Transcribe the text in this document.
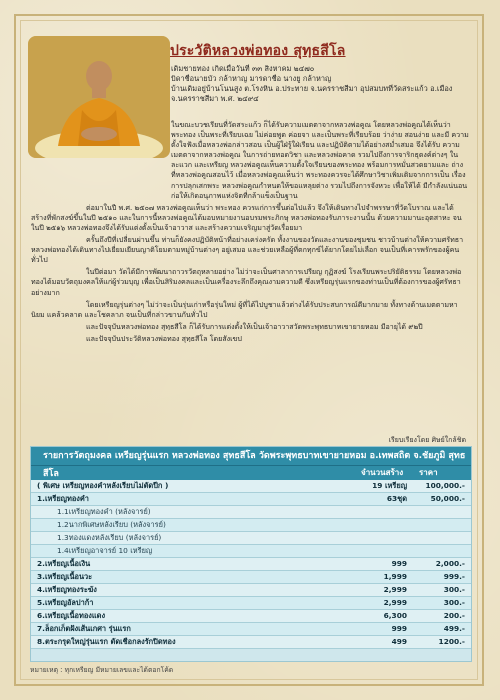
ประวัติหลวงพ่อทอง สุทฺธสีโล
เดิมชายทอง เกิดเมื่อวันที่ ๓๓ สิงหาคม ๒๔๗๐
บิดาชื่อนายบัว กล้าหาญ มารดาชื่อ นางยู กล้าหาญ
บ้านเดิมอยู่บ้านโนนสูง ต.โรงหิน อ.ประทาย จ.นครราชสีมา อุปสมบทที่วัดสระแก้ว อ.เมือง
จ.นครราชสีมา พ.ศ. ๒๔๙๔

ในขณะบวชเรียนที่วัดสระแก้ว ก็ได้รับความเมตตาจากหลวงพ่อคูณ โดยหลวงพ่อคูณได้เห็นว่า พระทอง เป็นพระที่เรียบเฉย ไม่ค่อยพูด ค่อยจา และเป็นพระที่เรียบร้อย ว่าง่าย สอนง่าย และมี ความตั้งใจฟังเมื่อหลวงพ่อกล่าวสอน เป็นผู้ใฝ่รู้ใฝ่เรียน และปฏิบัติตามได้อย่างสม่ำเสมอ จึงได้รับ ความเมตตาจากหลวงพ่อคูณ ในการถ่ายทอดวิชา และหลวงพ่อคาด รวมไปถึงการจาริกธุดงค์ต่างๆ ในละแวก และเหรียญ หลวงพ่อคูณเห็นความตั้งใจเรียนของพระทอง พร้อมการหมั่นสวดยามและ ถ่าง ที่หลวงพ่อคูณสอนไว้ เมื่อหลวงพ่อคูณเห็นว่า พระทองควรจะได้ศึกษาวิชาเพิ่มเติมจากการเป็น เรื่องการปลุกเสกพระ หลวงพ่อคูณกำหนดให้ขอแหลุยต่าง รวมไปถึงการจังหวะ เพื่อให้ได้ มีกำลังแน่นอน ก่อให้เกิดอนุภาพแห่งจิตที่กล้าแข็งเป็นฐาน

ต่อมาในปี พ.ศ. ๒๕๐๗ หลวงพ่อคูณเห็นว่า พระทอง ควรแก่การขึ้นต่อไปแล้ว จึงให้เดินทางไปจำพรรษาที่วัดโบราณ และได้สร้างที่พักสงฆ์ขึ้นในปี ๒๕๑๐ และในการนี้หลวงพ่อคูณได้มอบหมายงานอบรมพระภิกษุ หลวงพ่อทองรับภาระงานนั้น ด้วยความมานะอุตสาหะ จนในปี ๒๕๑๖ หลวงพ่อทองจึงได้รับแต่งตั้งเป็นเจ้าอาวาส และสร้างความเจริญมาสู่วัดเรื่อยมา

ครั้นถึงปีที่เปลี่ยนผ่านขึ้น ท่านก็ยังคงปฏิบัติหน้าที่อย่างเคร่งครัด ทั้งงานของวัดและงานของชุมชน ชาวบ้านต่างให้ความศรัทธา หลวงพ่อทองได้เดินทางไปเยี่ยมเยียนญาติโยมตามหมู่บ้านต่างๆ อยู่เสมอ และช่วยเหลือผู้ที่ตกทุกข์ได้ยากโดยไม่เลือก จนเป็นที่เคารพรักของผู้คนทั่วไป

ในปีต่อมา วัดได้มีการพัฒนาถาวรวัตถุหลายอย่าง ไม่ว่าจะเป็นศาลาการเปรียญ กุฏิสงฆ์ โรงเรียนพระปริยัติธรรม โดยหลวงพ่อทองได้มอบวัตถุมงคลให้แก่ผู้ร่วมบุญ เพื่อเป็นสิริมงคลและเป็นเครื่องระลึกถึงคุณงามความดี ซึ่งเหรียญรุ่นแรกของท่านเป็นที่ต้องการของผู้ศรัทธาอย่างมาก

โดยเหรียญรุ่นต่างๆ ไม่ว่าจะเป็นรุ่นเก่าหรือรุ่นใหม่ ผู้ที่ได้ไปบูชาแล้วต่างได้รับประสบการณ์ดีมากมาย ทั้งทางด้านเมตตามหานิยม แคล้วคลาด และโชคลาภ จนเป็นที่กล่าวขานกันทั่วไป

และปัจจุบันหลวงพ่อทอง สุทฺธสีโล ก็ได้รับการแต่งตั้งให้เป็นเจ้าอาวาสวัดพระพุทธบาทเขายายหอม มีอายุได้ ๙๒ปี

และปัจจุบันประวัติหลวงพ่อทอง สุทฺธสีโล โดยสังเขป

เรียบเรียงโดย ศิษย์ใกล้ชิด
รายการวัตถุมงคล เหรียญรุ่นแรก หลวงพ่อทอง สุทธสีโล วัดพระพุทธบาทเขายายหอม อ.เทพสถิต จ.ชัยภูมิ สุทธสีโล	จำนวนสร้าง	ราคา
( พิเศษ เหรียญทองคำหลังเรียบไม่ตัดปีก )	19 เหรียญ	100,000.-
1.เหรียญทองคำ	63ชุด	50,000.-
1.1เหรียญทองคำ (หลังจารย์)
1.2นากพิเศษหลังเรียบ (หลังจารย์)
1.3ทองแดงหลังเรียบ (หลังจารย์)
1.4เหรียญอาจารย์ 10 เหรียญ
2.เหรียญเนื้อเงิน	999	2,000.-
3.เหรียญเนื้อนวะ	1,999	999.-
4.เหรียญทองระฆัง	2,999	300.-
5.เหรียญอัลปาก้า	2,999	300.-
6.เหรียญเนื้อทองแดง	6,300	200.-
7.ล็อกเก็ตฝังเส้นเกศา รุ่นแรก	999	499.-
8.ตระกรุดใหญ่รุ่นแรก ตัดเชือกลงรักปิดทอง	499	1200.-
หมายเหตุ : ทุกเหรียญ มีหมายเลขและได้ตอกโค้ด
